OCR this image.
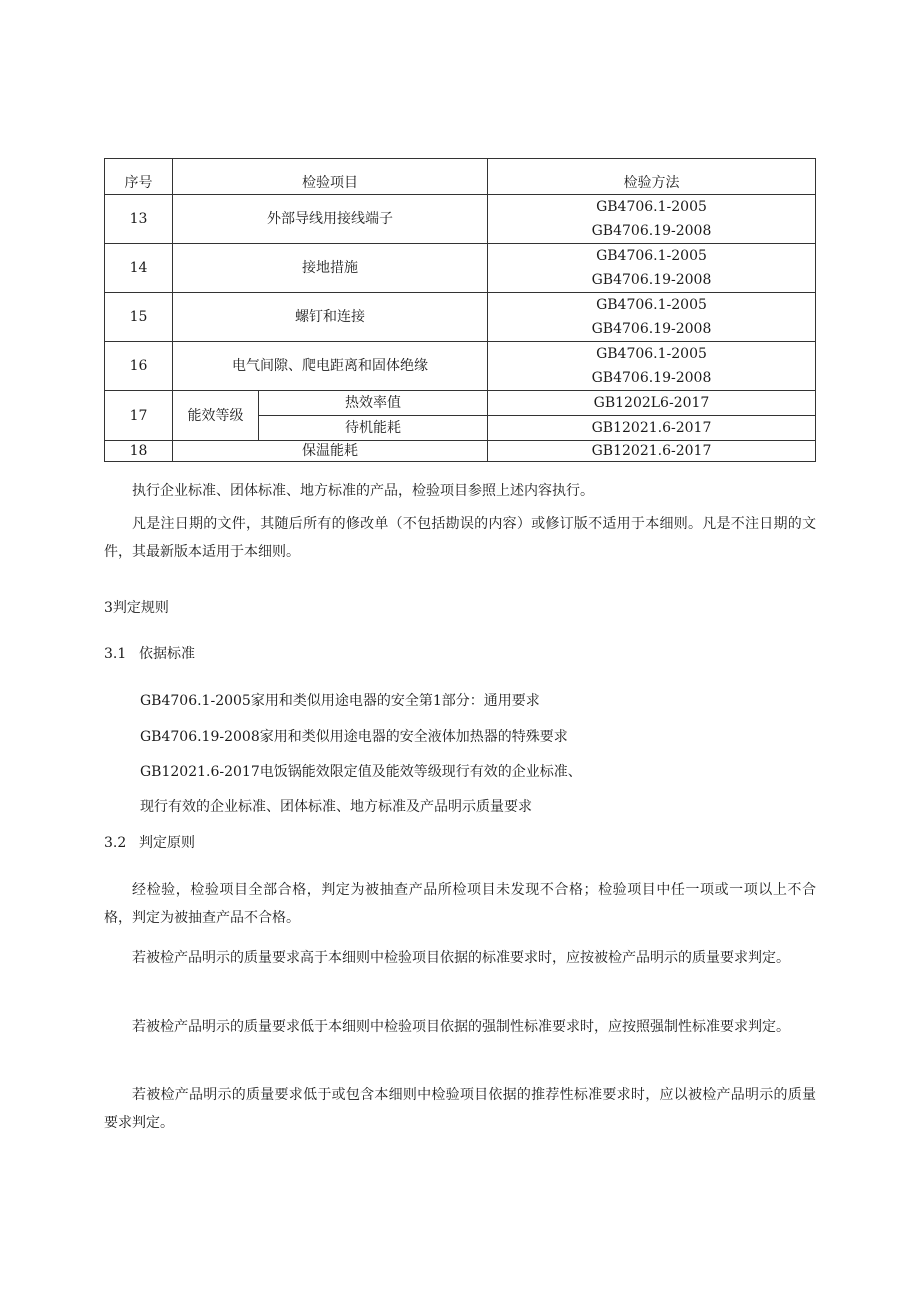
序号	检验项目		检验方法
13	外部导线用接线端子		GB4706.1-2005
GB4706.19-2008

14	接地措施		GB4706.1-2005
GB4706.19-2008

15	螺钉和连接		GB4706.1-2005
GB4706.19-2008

16	电气间隙、爬电距离和固体绝缘		GB4706.1-2005
GB4706.19-2008

17	能效等级	热效率值	GB1202L6-2017
		待机能耗	GB12021.6-2017
18	保温能耗		GB12021.6-2017

执行企业标准、团体标准、地方标准的产品，检验项目参照上述内容执行。

凡是注日期的文件，其随后所有的修改单（不包括勘误的内容）或修订版不适用于本细则。凡是不注日期的文件，其最新版本适用于本细则。

3判定规则

3.1 依据标准

GB4706.1-2005家用和类似用途电器的安全第1部分：通用要求

GB4706.19-2008家用和类似用途电器的安全液体加热器的特殊要求

GB12021.6-2017电饭锅能效限定值及能效等级现行有效的企业标准、

现行有效的企业标准、团体标准、地方标准及产品明示质量要求

3.2 判定原则

经检验，检验项目全部合格，判定为被抽查产品所检项目未发现不合格；检验项目中任一项或一项以上不合格，判定为被抽查产品不合格。

若被检产品明示的质量要求高于本细则中检验项目依据的标准要求时，应按被检产品明示的质量要求判定。

若被检产品明示的质量要求低于本细则中检验项目依据的强制性标准要求时，应按照强制性标准要求判定。

若被检产品明示的质量要求低于或包含本细则中检验项目依据的推荐性标准要求时，应以被检产品明示的质量要求判定。
